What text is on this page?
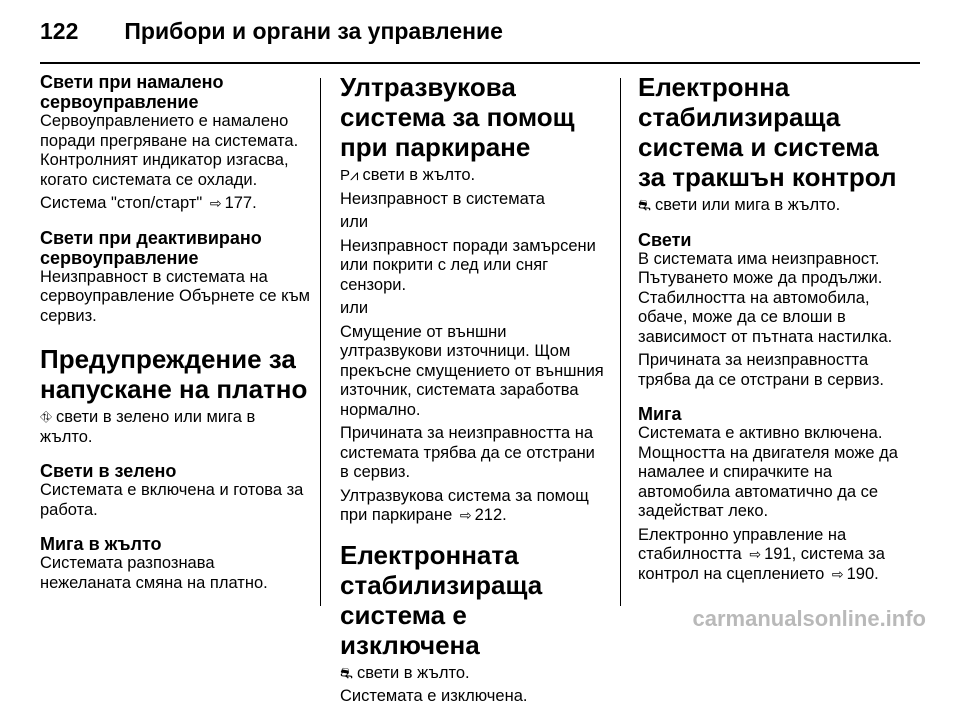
122 Прибори и органи за управление
Свети при намалено сервоуправление
Сервоуправлението е намалено поради прегряване на системата. Контролният индикатор изгасва, когато системата се охлади.
Система "стоп/старт" ⇨ 177.
Свети при деактивирано сервоуправление
Неизправност в системата на сервоуправление Обърнете се към сервиз.
Предупреждение за напускане на платно
⛗ свети в зелено или мига в жълто.
Свети в зелено
Системата е включена и готова за работа.
Мига в жълто
Системата разпознава нежеланата смяна на платно.
Ултразвукова система за помощ при паркиране
P⩘ свети в жълто.
Неизправност в системата
или
Неизправност поради замърсени или покрити с лед или сняг сензори.
или
Смущение от външни ултразвукови източници. Щом прекъсне смущението от външния източник, системата заработва нормално.
Причината за неизправността на системата трябва да се отстрани в сервиз.
Ултразвукова система за помощ при паркиране ⇨ 212.
Електронната стабилизираща система е изключена
⛐ свети в жълто.
Системата е изключена.
Електронна стабилизираща система и система за тракшън контрол
⛐ свети или мига в жълто.
Свети
В системата има неизправност. Пътуването може да продължи. Стабилността на автомобила, обаче, може да се влоши в зависимост от пътната настилка.
Причината за неизправността трябва да се отстрани в сервиз.
Мига
Системата е активно включена. Мощността на двигателя може да намалее и спирачките на автомобила автоматично да се задействат леко.
Електронно управление на стабилността ⇨ 191, система за контрол на сцеплението ⇨ 190.
carmanualsonline.info
